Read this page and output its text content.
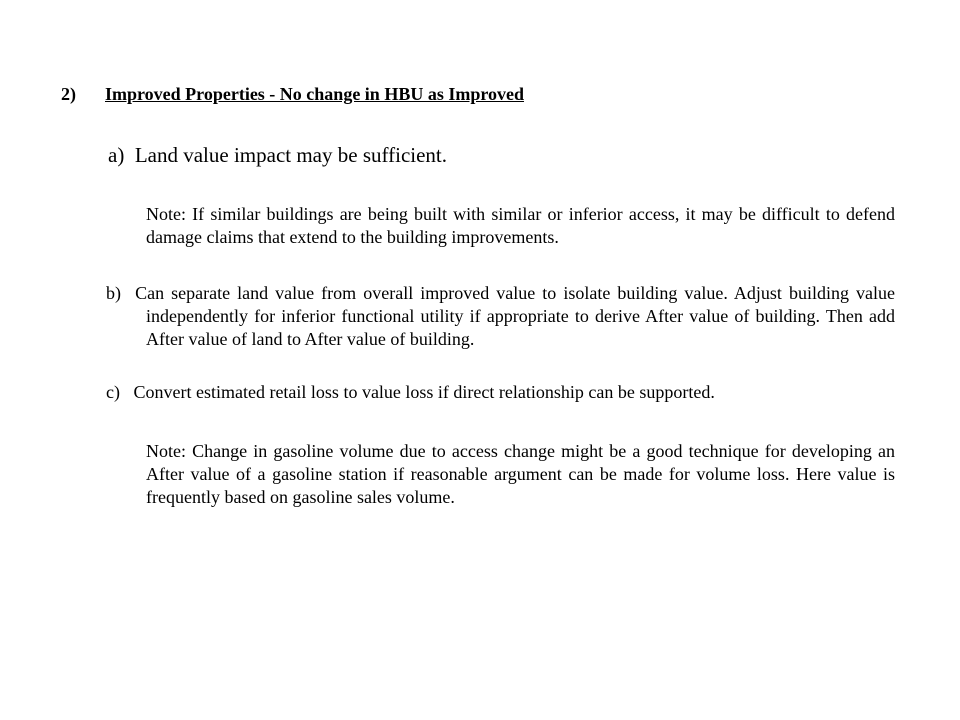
2) Improved Properties - No change in HBU as Improved
a) Land value impact may be sufficient.
Note: If similar buildings are being built with similar or inferior access, it may be difficult to defend damage claims that extend to the building improvements.
b) Can separate land value from overall improved value to isolate building value. Adjust building value independently for inferior functional utility if appropriate to derive After value of building. Then add After value of land to After value of building.
c) Convert estimated retail loss to value loss if direct relationship can be supported.
Note: Change in gasoline volume due to access change might be a good technique for developing an After value of a gasoline station if reasonable argument can be made for volume loss. Here value is frequently based on gasoline sales volume.
